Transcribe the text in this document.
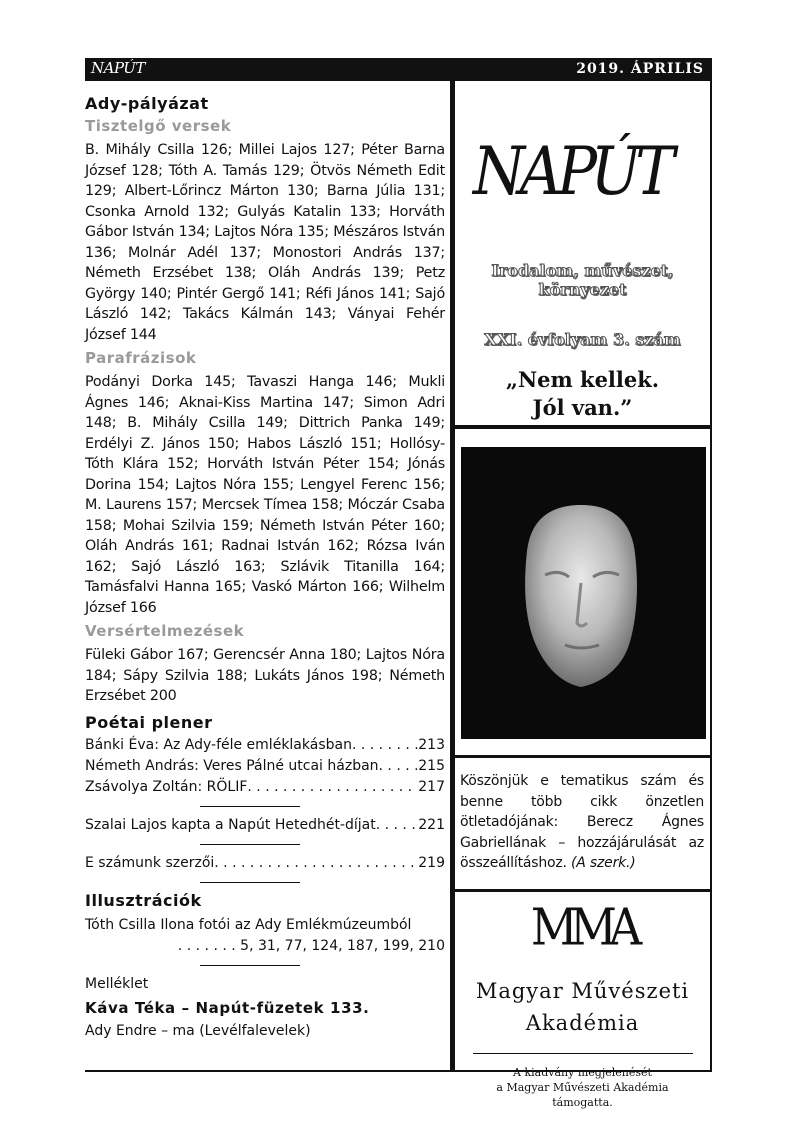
NAPÚT	2019. ÁPRILIS
Ady-pályázat
Tisztelgő versek

B. Mihály Csilla 126; Millei Lajos 127; Péter Barna József 128; Tóth A. Tamás 129; Ötvös Németh Edit 129; Albert-Lőrincz Márton 130; Barna Júlia 131; Csonka Arnold 132; Gulyás Katalin 133; Horváth Gábor István 134; Lajtos Nóra 135; Mészáros István 136; Molnár Adél 137; Monostori András 137; Németh Erzsébet 138; Oláh András 139; Petz György 140; Pintér Gergő 141; Réfi János 141; Sajó László 142; Takács Kálmán 143; Ványai Fehér József 144

Parafrázisok

Podányi Dorka 145; Tavaszi Hanga 146; Mukli Ágnes 146; Aknai-Kiss Martina 147; Simon Adri 148; B. Mihály Csilla 149; Dittrich Panka 149; Erdélyi Z. János 150; Habos László 151; Hollósy-Tóth Klára 152; Horváth István Péter 154; Jónás Dorina 154; Lajtos Nóra 155; Lengyel Ferenc 156; M. Laurens 157; Mercsek Tímea 158; Móczár Csaba 158; Mohai Szilvia 159; Németh István Péter 160; Oláh András 161; Radnai István 162; Rózsa Iván 162; Sajó László 163; Szlávik Titanilla 164; Tamásfalvi Hanna 165; Vaskó Márton 166; Wilhelm József 166

Versértelmezések

Füleki Gábor 167; Gerencsér Anna 180; Lajtos Nóra 184; Sápy Szilvia 188; Lukáts János 198; Németh Erzsébet 200

Poétai plener
Bánki Éva: Az Ady-féle emléklakásban . . .	213
Németh András: Veres Pálné utcai házban . . .	215
Zsávolya Zoltán: RÖLIF . . .	217
Szalai Lajos kapta a Napút Hetedhét-díjat . . .	221
E számunk szerzői . . .	219
Illusztrációk
Tóth Csilla Ilona fotói az Ady Emlékmúzeumból
. . . . . . . 5, 31, 77, 124, 187, 199, 210
Melléklet
Káva Téka – Napút-füzetek 133.
Ady Endre – ma (Levélfalevelek)
NAPÚT
Irodalom, művészet,
környezet
XXI. évfolyam 3. szám
„Nem kellek.
Jól van.”
Köszönjük e tematikus szám és benne több cikk önzetlen ötletadójának: Berecz Ágnes Gabriellának – hozzájárulását az összeállításhoz. (A szerk.)
MMA
Magyar Művészeti
Akadémia
A kiadvány megjelenését
a Magyar Művészeti Akadémia
támogatta.
